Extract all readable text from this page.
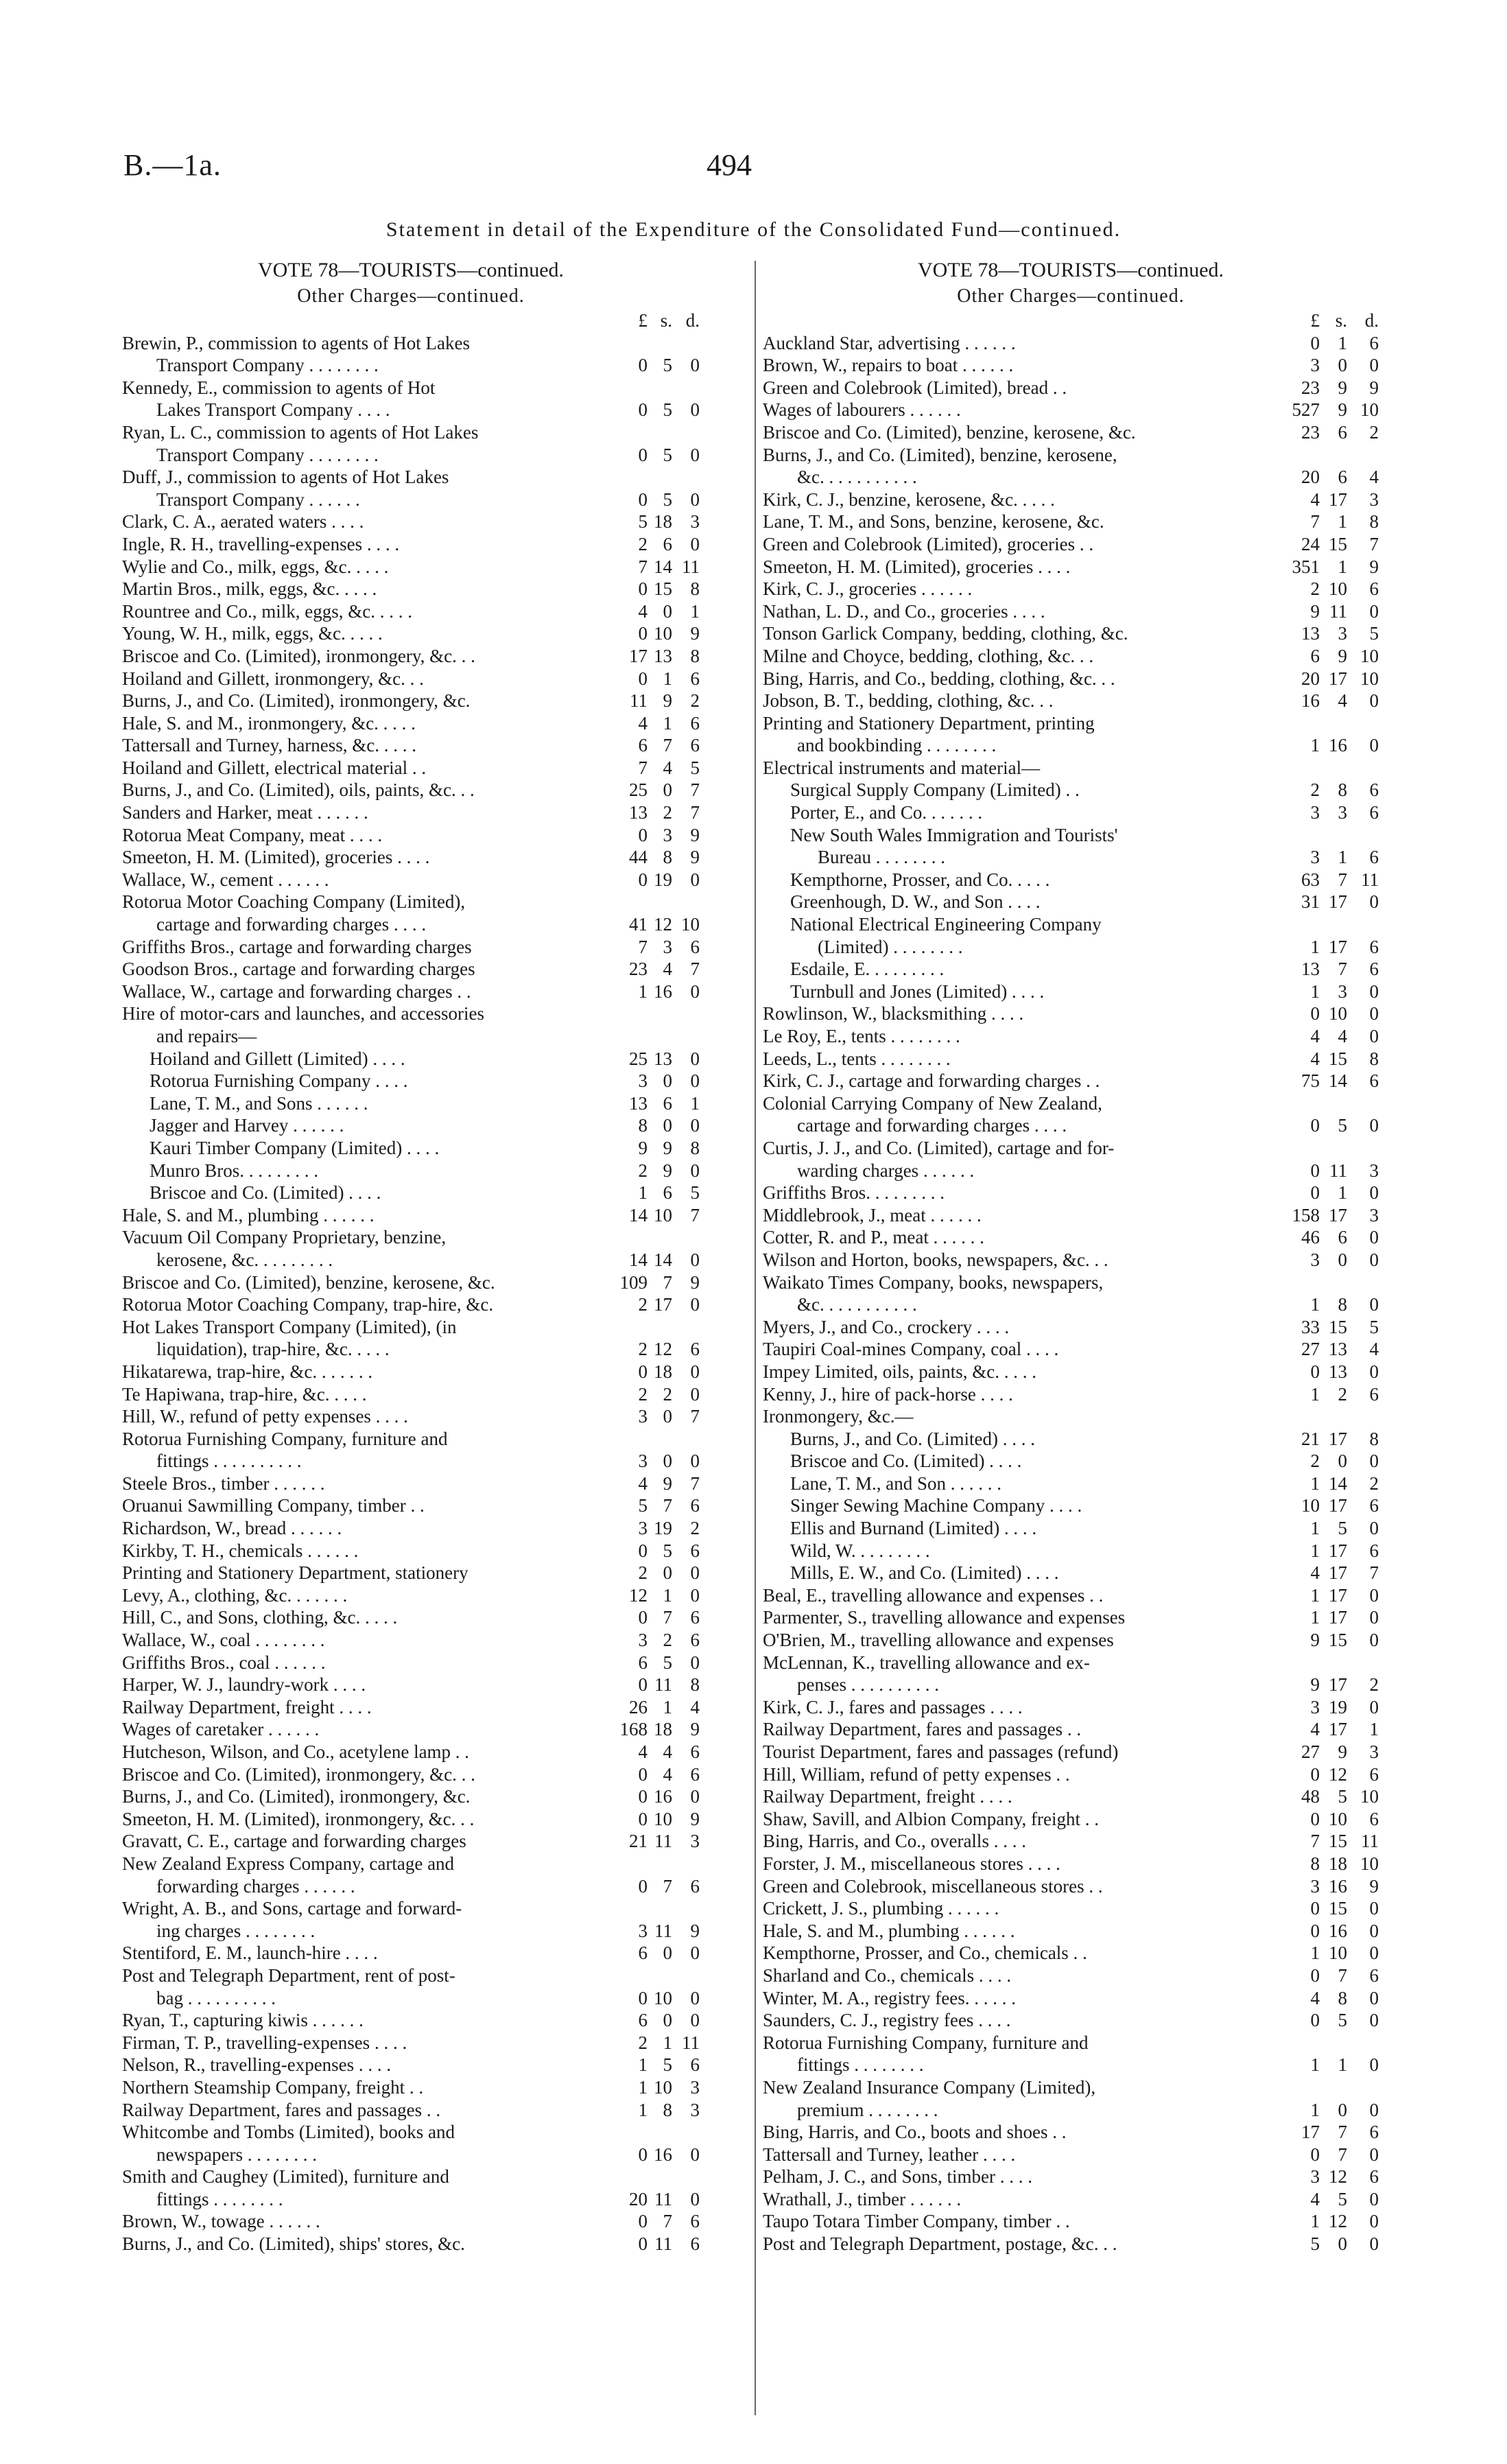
B.—1a.	494
Statement in detail of the Expenditure of the Consolidated Fund—continued.
VOTE 78—TOURISTS—continued.
Other Charges—continued.
£ s. d.
Brewin, P., commission to agents of Hot Lakes
Transport Company . . . . . . . .	0 5 0
Kennedy, E., commission to agents of Hot
Lakes Transport Company . . . .	0 5 0
Ryan, L. C., commission to agents of Hot Lakes
Transport Company . . . . . . . .	0 5 0
Duff, J., commission to agents of Hot Lakes
Transport Company . . . . . .	0 5 0
Clark, C. A., aerated waters . . . .	5 18 3
Ingle, R. H., travelling-expenses . . . .	2 6 0
Wylie and Co., milk, eggs, &c. . . . .	7 14 11
Martin Bros., milk, eggs, &c. . . . .	0 15 8
Rountree and Co., milk, eggs, &c. . . . .	4 0 1
Young, W. H., milk, eggs, &c. . . . .	0 10 9
Briscoe and Co. (Limited), ironmongery, &c. . .	17 13 8
Hoiland and Gillett, ironmongery, &c. . .	0 1 6
Burns, J., and Co. (Limited), ironmongery, &c.	11 9 2
Hale, S. and M., ironmongery, &c. . . . .	4 1 6
Tattersall and Turney, harness, &c. . . . .	6 7 6
Hoiland and Gillett, electrical material . .	7 4 5
Burns, J., and Co. (Limited), oils, paints, &c. . .	25 0 7
Sanders and Harker, meat . . . . . .	13 2 7
Rotorua Meat Company, meat . . . .	0 3 9
Smeeton, H. M. (Limited), groceries . . . .	44 8 9
Wallace, W., cement . . . . . .	0 19 0
Rotorua Motor Coaching Company (Limited),
cartage and forwarding charges . . . .	41 12 10
Griffiths Bros., cartage and forwarding charges	7 3 6
Goodson Bros., cartage and forwarding charges	23 4 7
Wallace, W., cartage and forwarding charges . .	1 16 0
Hire of motor-cars and launches, and accessories
and repairs—
Hoiland and Gillett (Limited) . . . .	25 13 0
Rotorua Furnishing Company . . . .	3 0 0
Lane, T. M., and Sons . . . . . .	13 6 1
Jagger and Harvey . . . . . .	8 0 0
Kauri Timber Company (Limited) . . . .	9 9 8
Munro Bros. . . . . . . . .	2 9 0
Briscoe and Co. (Limited) . . . .	1 6 5
Hale, S. and M., plumbing . . . . . .	14 10 7
Vacuum Oil Company Proprietary, benzine,
kerosene, &c. . . . . . . . .	14 14 0
Briscoe and Co. (Limited), benzine, kerosene, &c.	109 7 9
Rotorua Motor Coaching Company, trap-hire, &c.	2 17 0
Hot Lakes Transport Company (Limited), (in
liquidation), trap-hire, &c. . . . .	2 12 6
Hikatarewa, trap-hire, &c. . . . . . .	0 18 0
Te Hapiwana, trap-hire, &c. . . . .	2 2 0
Hill, W., refund of petty expenses . . . .	3 0 7
Rotorua Furnishing Company, furniture and
fittings . . . . . . . . . .	3 0 0
Steele Bros., timber . . . . . .	4 9 7
Oruanui Sawmilling Company, timber . .	5 7 6
Richardson, W., bread . . . . . .	3 19 2
Kirkby, T. H., chemicals . . . . . .	0 5 6
Printing and Stationery Department, stationery	2 0 0
Levy, A., clothing, &c. . . . . . .	12 1 0
Hill, C., and Sons, clothing, &c. . . . .	0 7 6
Wallace, W., coal . . . . . . . .	3 2 6
Griffiths Bros., coal . . . . . .	6 5 0
Harper, W. J., laundry-work . . . .	0 11 8
Railway Department, freight . . . .	26 1 4
Wages of caretaker . . . . . .	168 18 9
Hutcheson, Wilson, and Co., acetylene lamp . .	4 4 6
Briscoe and Co. (Limited), ironmongery, &c. . .	0 4 6
Burns, J., and Co. (Limited), ironmongery, &c.	0 16 0
Smeeton, H. M. (Limited), ironmongery, &c. . .	0 10 9
Gravatt, C. E., cartage and forwarding charges	21 11 3
New Zealand Express Company, cartage and
forwarding charges . . . . . .	0 7 6
Wright, A. B., and Sons, cartage and forward-
ing charges . . . . . . . .	3 11 9
Stentiford, E. M., launch-hire . . . .	6 0 0
Post and Telegraph Department, rent of post-
bag . . . . . . . . . .	0 10 0
Ryan, T., capturing kiwis . . . . . .	6 0 0
Firman, T. P., travelling-expenses . . . .	2 1 11
Nelson, R., travelling-expenses . . . .	1 5 6
Northern Steamship Company, freight . .	1 10 3
Railway Department, fares and passages . .	1 8 3
Whitcombe and Tombs (Limited), books and
newspapers . . . . . . . .	0 16 0
Smith and Caughey (Limited), furniture and
fittings . . . . . . . .	20 11 0
Brown, W., towage . . . . . .	0 7 6
Burns, J., and Co. (Limited), ships' stores, &c.	0 11 6
VOTE 78—TOURISTS—continued.
Other Charges—continued.
£ s. d.
Auckland Star, advertising . . . . . .	0 1	6
Brown, W., repairs to boat . . . . . .	3 0	0
Green and Colebrook (Limited), bread . .	23 9	9
Wages of labourers . . . . . .	527 9 10
Briscoe and Co. (Limited), benzine, kerosene, &c.	23 6	2
Burns, J., and Co. (Limited), benzine, kerosene,
&c. . . . . . . . . . .	20 6	4
Kirk, C. J., benzine, kerosene, &c. . . . .	4 17	3
Lane, T. M., and Sons, benzine, kerosene, &c.	7 1	8
Green and Colebrook (Limited), groceries . .	24 15	7
Smeeton, H. M. (Limited), groceries . . . .	351 1	9
Kirk, C. J., groceries . . . . . .	2 10	6
Nathan, L. D., and Co., groceries . . . .	9 11	0
Tonson Garlick Company, bedding, clothing, &c.	13 3	5
Milne and Choyce, bedding, clothing, &c. . .	6 9 10
Bing, Harris, and Co., bedding, clothing, &c. . .	20 17 10
Jobson, B. T., bedding, clothing, &c. . .	16 4	0
Printing and Stationery Department, printing
and bookbinding . . . . . . . .	1 16	0
Electrical instruments and material—
Surgical Supply Company (Limited) . .	2 8	6
Porter, E., and Co. . . . . . .	3 3	6
New South Wales Immigration and Tourists'
Bureau . . . . . . . .	3 1	6
Kempthorne, Prosser, and Co. . . . .	63 7 11
Greenhough, D. W., and Son . . . .	31 17	0
National Electrical Engineering Company
(Limited) . . . . . . . .	1 17	6
Esdaile, E. . . . . . . . .	13 7	6
Turnbull and Jones (Limited) . . . .	1 3	0
Rowlinson, W., blacksmithing . . . .	0 10	0
Le Roy, E., tents . . . . . . . .	4 4	0
Leeds, L., tents . . . . . . . .	4 15	8
Kirk, C. J., cartage and forwarding charges . .	75 14	6
Colonial Carrying Company of New Zealand,
cartage and forwarding charges . . . .	0 5	0
Curtis, J. J., and Co. (Limited), cartage and for-
warding charges . . . . . .	0 11	3
Griffiths Bros. . . . . . . . .	0 1	0
Middlebrook, J., meat . . . . . .	158 17	3
Cotter, R. and P., meat . . . . . .	46 6	0
Wilson and Horton, books, newspapers, &c. . .	3 0	0
Waikato Times Company, books, newspapers,
&c. . . . . . . . . . .	1 8	0
Myers, J., and Co., crockery . . . .	33 15	5
Taupiri Coal-mines Company, coal . . . .	27 13	4
Impey Limited, oils, paints, &c. . . . .	0 13	0
Kenny, J., hire of pack-horse . . . .	1 2	6
Ironmongery, &c.—
Burns, J., and Co. (Limited) . . . .	21 17	8
Briscoe and Co. (Limited) . . . .	2 0	0
Lane, T. M., and Son . . . . . .	1 14	2
Singer Sewing Machine Company . . . .	10 17	6
Ellis and Burnand (Limited) . . . .	1 5	0
Wild, W. . . . . . . . .	1 17	6
Mills, E. W., and Co. (Limited) . . . .	4 17	7
Beal, E., travelling allowance and expenses . .	1 17	0
Parmenter, S., travelling allowance and expenses	1 17	0
O'Brien, M., travelling allowance and expenses	9 15	0
McLennan, K., travelling allowance and ex-
penses . . . . . . . . . .	9 17	2
Kirk, C. J., fares and passages . . . .	3 19	0
Railway Department, fares and passages . .	4 17	1
Tourist Department, fares and passages (refund)	27 9	3
Hill, William, refund of petty expenses . .	0 12	6
Railway Department, freight . . . .	48 5 10
Shaw, Savill, and Albion Company, freight . .	0 10	6
Bing, Harris, and Co., overalls . . . .	7 15 11
Forster, J. M., miscellaneous stores . . . .	8 18 10
Green and Colebrook, miscellaneous stores . .	3 16	9
Crickett, J. S., plumbing . . . . . .	0 15	0
Hale, S. and M., plumbing . . . . . .	0 16	0
Kempthorne, Prosser, and Co., chemicals . .	1 10	0
Sharland and Co., chemicals . . . .	0 7	6
Winter, M. A., registry fees. . . . . .	4 8	0
Saunders, C. J., registry fees . . . .	0 5	0
Rotorua Furnishing Company, furniture and
fittings . . . . . . . .	1 1	0
New Zealand Insurance Company (Limited),
premium . . . . . . . .	1 0	0
Bing, Harris, and Co., boots and shoes . .	17 7	6
Tattersall and Turney, leather . . . .	0 7	0
Pelham, J. C., and Sons, timber . . . .	3 12	6
Wrathall, J., timber . . . . . .	4 5	0
Taupo Totara Timber Company, timber . .	1 12	0
Post and Telegraph Department, postage, &c. . .	5 0	0
